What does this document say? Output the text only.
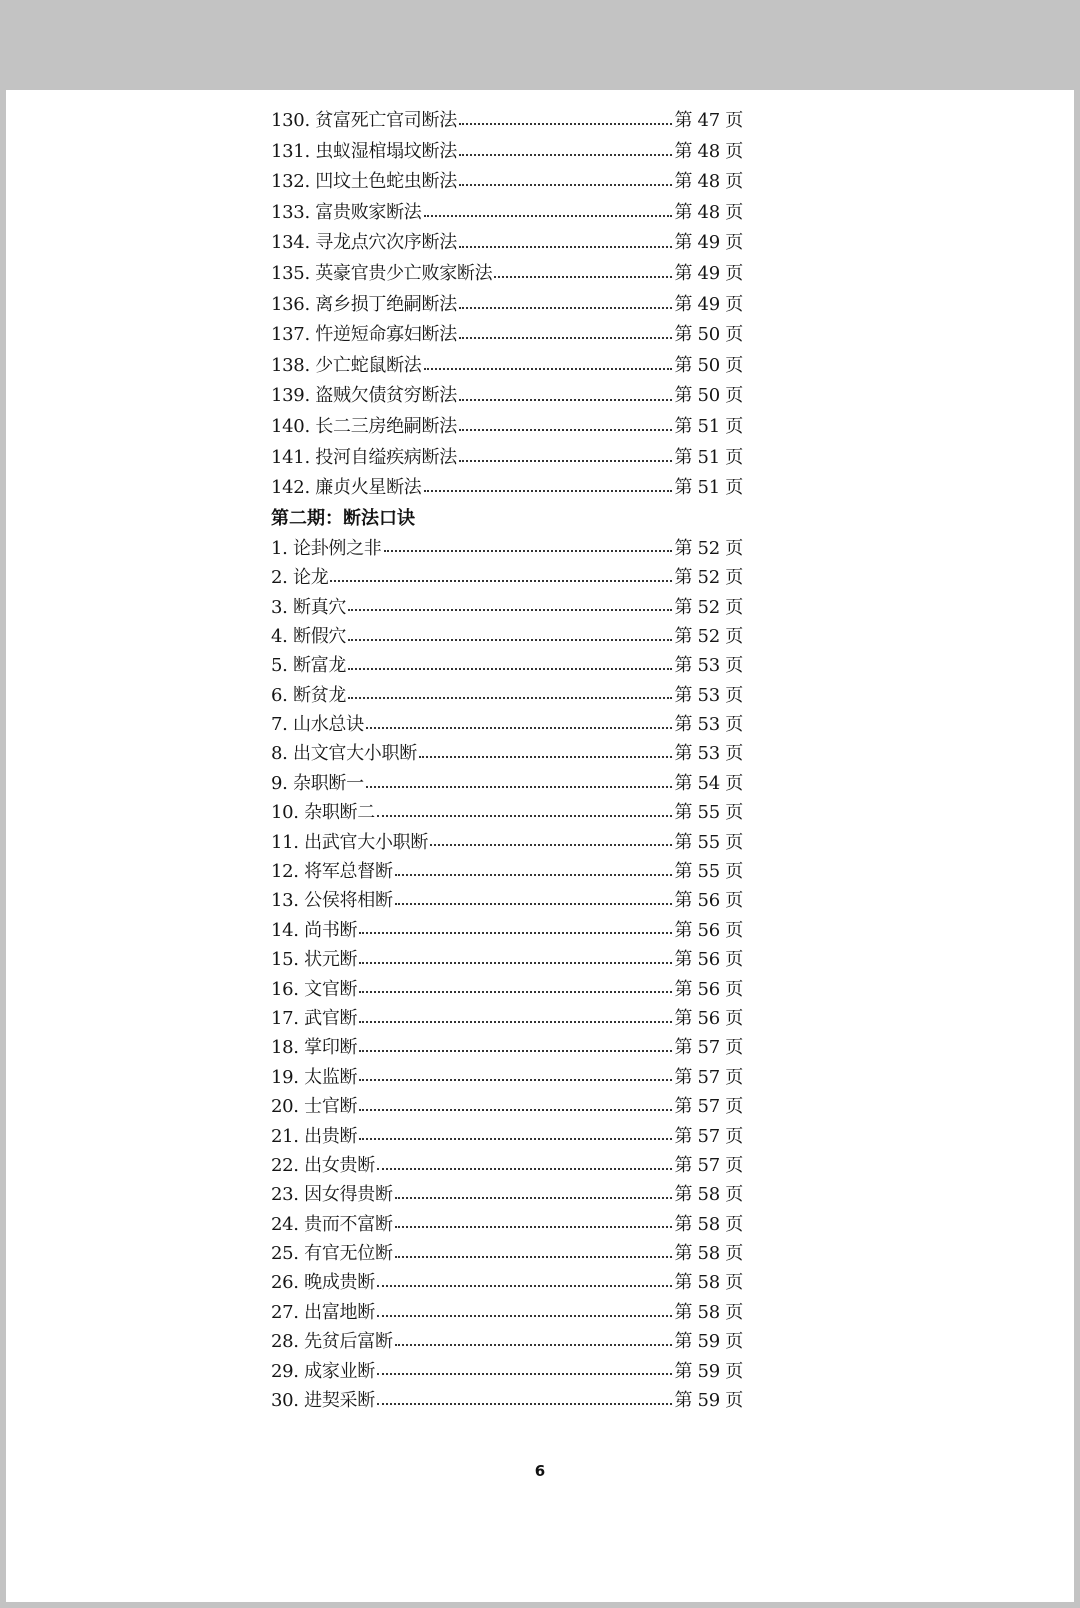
130. 贫富死亡官司断法	第 47 页
131. 虫蚁湿棺塌坟断法	第 48 页
132. 凹坟土色蛇虫断法	第 48 页
133. 富贵败家断法	第 48 页
134. 寻龙点穴次序断法	第 49 页
135. 英豪官贵少亡败家断法	第 49 页
136. 离乡损丁绝嗣断法	第 49 页
137. 忤逆短命寡妇断法	第 50 页
138. 少亡蛇鼠断法	第 50 页
139. 盗贼欠债贫穷断法	第 50 页
140. 长二三房绝嗣断法	第 51 页
141. 投河自缢疾病断法	第 51 页
142. 廉贞火星断法	第 51 页
第二期：断法口诀
1. 论卦例之非	第 52 页
2. 论龙	第 52 页
3. 断真穴	第 52 页
4. 断假穴	第 52 页
5. 断富龙	第 53 页
6. 断贫龙	第 53 页
7. 山水总诀	第 53 页
8. 出文官大小职断	第 53 页
9. 杂职断一	第 54 页
10. 杂职断二	第 55 页
11. 出武官大小职断	第 55 页
12. 将军总督断	第 55 页
13. 公侯将相断	第 56 页
14. 尚书断	第 56 页
15. 状元断	第 56 页
16. 文官断	第 56 页
17. 武官断	第 56 页
18. 掌印断	第 57 页
19. 太监断	第 57 页
20. 士官断	第 57 页
21. 出贵断	第 57 页
22. 出女贵断	第 57 页
23. 因女得贵断	第 58 页
24. 贵而不富断	第 58 页
25. 有官无位断	第 58 页
26. 晚成贵断	第 58 页
27. 出富地断	第 58 页
28. 先贫后富断	第 59 页
29. 成家业断	第 59 页
30. 进契采断	第 59 页
6
